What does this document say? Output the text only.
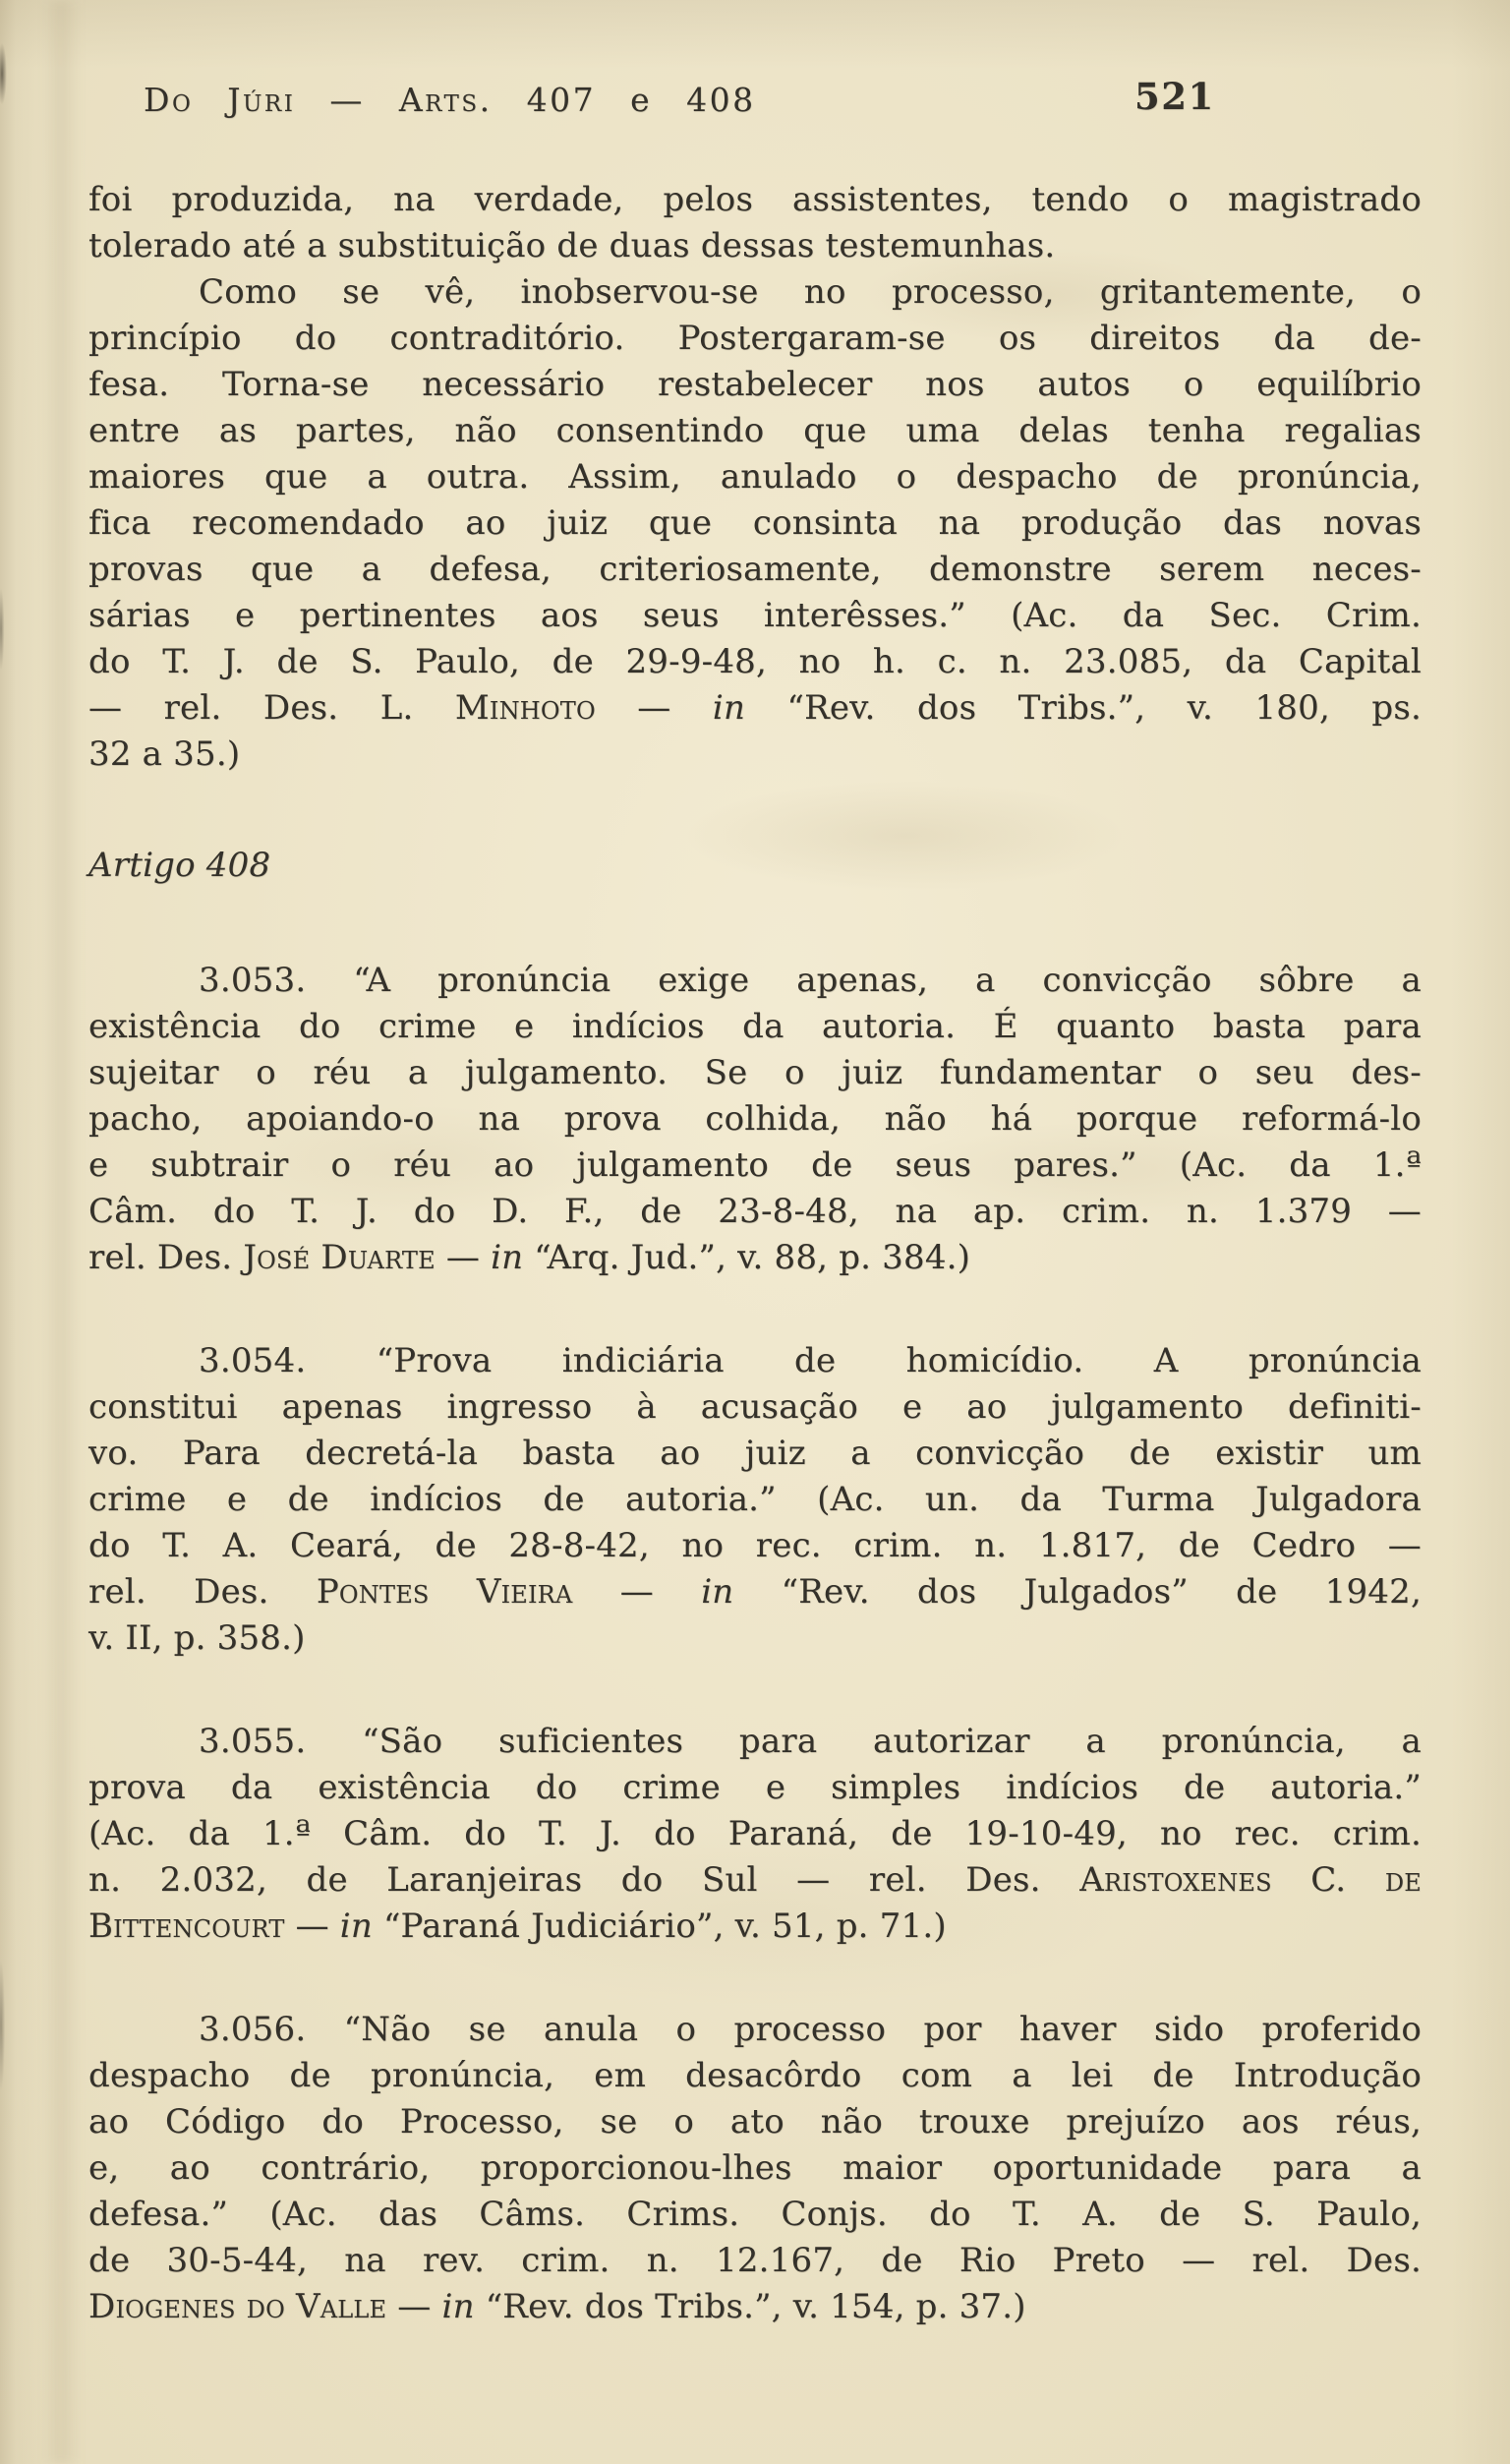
Do Júri — Arts. 407 e 408	521
foi produzida, na verdade, pelos assistentes, tendo o magistrado
tolerado até a substituição de duas dessas testemunhas.
Como se vê, inobservou-se no processo, gritantemente, o
princípio do contraditório. Postergaram-se os direitos da de-
fesa. Torna-se necessário restabelecer nos autos o equilíbrio
entre as partes, não consentindo que uma delas tenha regalias
maiores que a outra. Assim, anulado o despacho de pronúncia,
fica recomendado ao juiz que consinta na produção das novas
provas que a defesa, criteriosamente, demonstre serem neces-
sárias e pertinentes aos seus interêsses.” (Ac. da Sec. Crim.
do T. J. de S. Paulo, de 29-9-48, no h. c. n. 23.085, da Capital
— rel. Des. L. Minhoto — in “Rev. dos Tribs.”, v. 180, ps.
32 a 35.)
Artigo 408
3.053. “A pronúncia exige apenas, a convicção sôbre a
existência do crime e indícios da autoria. É quanto basta para
sujeitar o réu a julgamento. Se o juiz fundamentar o seu des-
pacho, apoiando-o na prova colhida, não há porque reformá-lo
e subtrair o réu ao julgamento de seus pares.” (Ac. da 1.ª
Câm. do T. J. do D. F., de 23-8-48, na ap. crim. n. 1.379 —
rel. Des. José Duarte — in “Arq. Jud.”, v. 88, p. 384.)
3.054. “Prova indiciária de homicídio. A pronúncia
constitui apenas ingresso à acusação e ao julgamento definiti-
vo. Para decretá-la basta ao juiz a convicção de existir um
crime e de indícios de autoria.” (Ac. un. da Turma Julgadora
do T. A. Ceará, de 28-8-42, no rec. crim. n. 1.817, de Cedro —
rel. Des. Pontes Vieira — in “Rev. dos Julgados” de 1942,
v. II, p. 358.)
3.055. “São suficientes para autorizar a pronúncia, a
prova da existência do crime e simples indícios de autoria.”
(Ac. da 1.ª Câm. do T. J. do Paraná, de 19-10-49, no rec. crim.
n. 2.032, de Laranjeiras do Sul — rel. Des. Aristoxenes C. de
Bittencourt — in “Paraná Judiciário”, v. 51, p. 71.)
3.056. “Não se anula o processo por haver sido proferido
despacho de pronúncia, em desacôrdo com a lei de Introdução
ao Código do Processo, se o ato não trouxe prejuízo aos réus,
e, ao contrário, proporcionou-lhes maior oportunidade para a
defesa.” (Ac. das Câms. Crims. Conjs. do T. A. de S. Paulo,
de 30-5-44, na rev. crim. n. 12.167, de Rio Preto — rel. Des.
Diogenes do Valle — in “Rev. dos Tribs.”, v. 154, p. 37.)
